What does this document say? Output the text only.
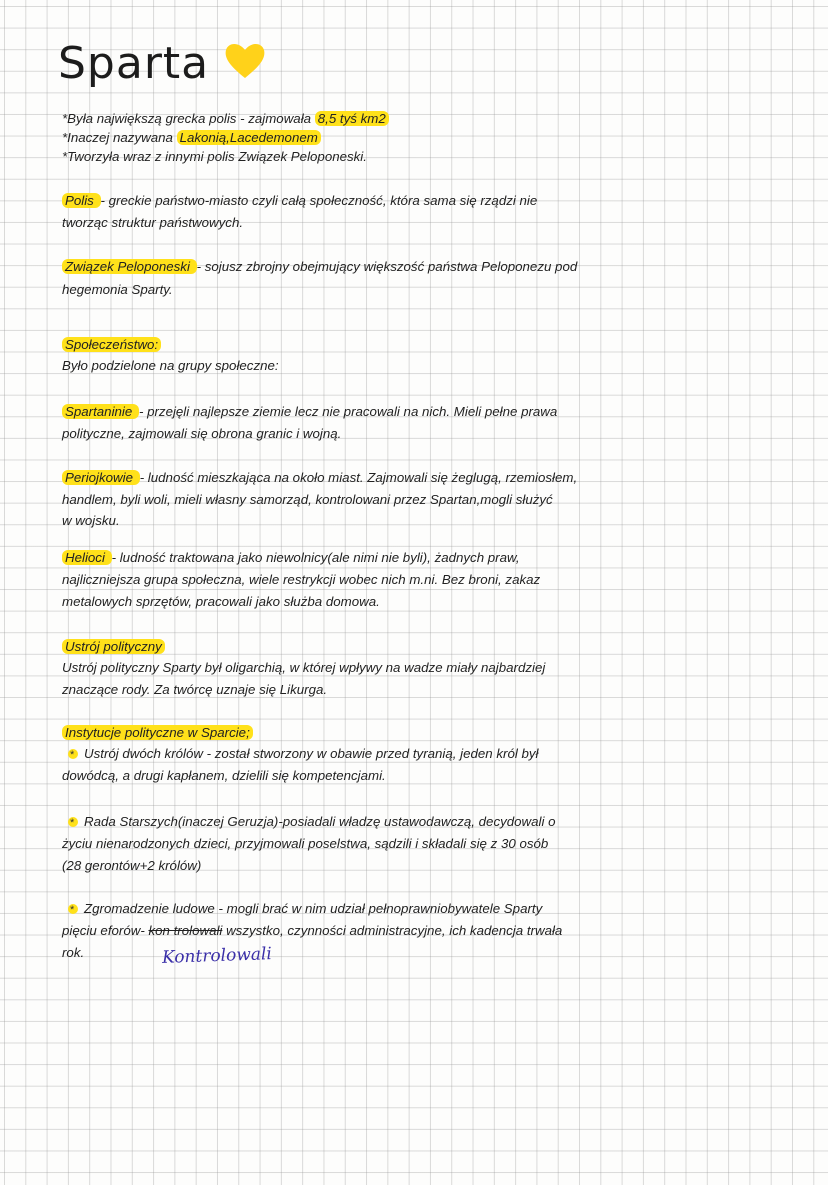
Sparta
*Była największą grecka polis - zajmowała 8,5 tyś km2
*Inaczej nazywana Lakonią,Lacedemonem
*Tworzyła wraz z innymi polis Związek Peloponeski.
Polis - greckie państwo-miasto czyli całą społeczność, która sama się rządzi nie
tworząc struktur państwowych.
Związek Peloponeski - sojusz zbrojny obejmujący większość państwa Peloponezu pod
hegemonia Sparty.
Społeczeństwo:
Było podzielone na grupy społeczne:
Spartaninie - przejęli najlepsze ziemie lecz nie pracowali na nich. Mieli pełne prawa
polityczne, zajmowali się obrona granic i wojną.
Periojkowie - ludność mieszkająca na około miast. Zajmowali się żeglugą, rzemiosłem,
handlem, byli woli, mieli własny samorząd, kontrolowani przez Spartan,mogli służyć
w wojsku.
Helioci - ludność traktowana jako niewolnicy(ale nimi nie byli), żadnych praw,
najliczniejsza grupa społeczna, wiele restrykcji wobec nich m.ni. Bez broni, zakaz
metalowych sprzętów, pracowali jako służba domowa.
Ustrój polityczny
Ustrój polityczny Sparty był oligarchią, w której wpływy na wadze miały najbardziej
znaczące rody. Za twórcę uznaje się Likurga.
Instytucje polityczne w Sparcie;
*Ustrój dwóch królów - został stworzony w obawie przed tyranią, jeden król był
dowódcą, a drugi kapłanem, dzielili się kompetencjami.
*Rada Starszych(inaczej Geruzja)-posiadali władzę ustawodawczą, decydowali o
życiu nienarodzonych dzieci, przyjmowali poselstwa, sądzili i składali się z 30 osób
(28 gerontów+2 królów)
*Zgromadzenie ludowe - mogli brać w nim udział pełnoprawniobywatele Sparty
pięciu eforów- kon trolowali wszystko, czynności administracyjne, ich kadencja trwała
rok.	Kontrolowali
